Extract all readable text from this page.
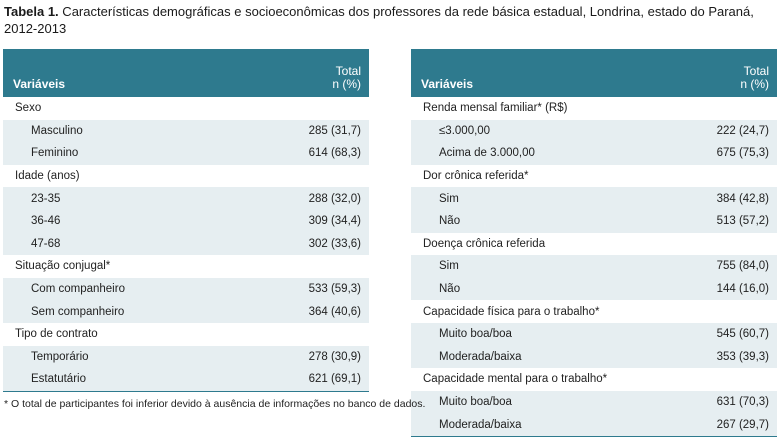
Tabela 1. Características demográficas e socioeconômicas dos professores da rede básica estadual, Londrina, estado do Paraná, 2012-2013

Variáveis	Total
n (%)
Sexo	
Masculino	285 (31,7)
Feminino	614 (68,3)
Idade (anos)	
23-35	288 (32,0)
36-46	309 (34,4)
47-68	302 (33,6)
Situação conjugal*	
Com companheiro	533 (59,3)
Sem companheiro	364 (40,6)
Tipo de contrato	
Temporário	278 (30,9)
Estatutário	621 (69,1)
Variáveis	Total
n (%)
Renda mensal familiar* (R$)	
≤3.000,00	222 (24,7)
Acima de 3.000,00	675 (75,3)
Dor crônica referida*	
Sim	384 (42,8)
Não	513 (57,2)
Doença crônica referida	
Sim	755 (84,0)
Não	144 (16,0)
Capacidade física para o trabalho*	
Muito boa/boa	545 (60,7)
Moderada/baixa	353 (39,3)
Capacidade mental para o trabalho*	
Muito boa/boa	631 (70,3)
Moderada/baixa	267 (29,7)

* O total de participantes foi inferior devido à ausência de informações no banco de dados.
